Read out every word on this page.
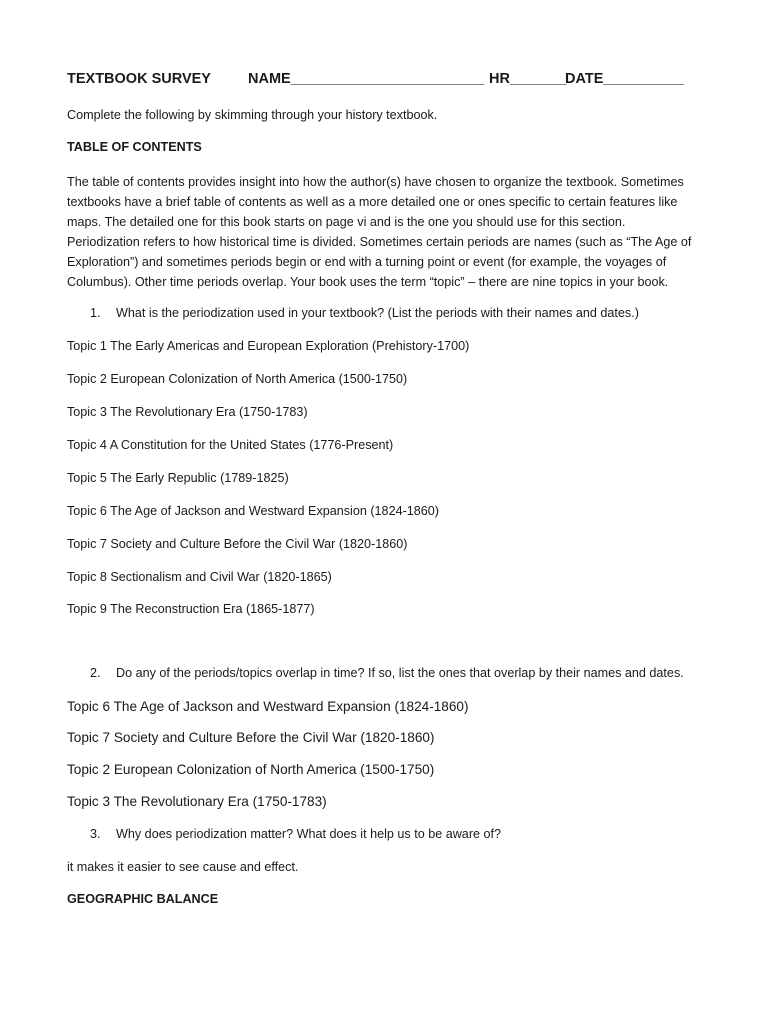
TEXTBOOK SURVEY	NAME________________________ HR_______
DATE__________
Complete the following by skimming through your history textbook.
TABLE OF CONTENTS
The table of contents provides insight into how the author(s) have chosen to organize the textbook. Sometimes
textbooks have a brief table of contents as well as a more detailed one or ones specific to certain features like
maps. The detailed one for this book starts on page vi and is the one you should use for this section.
Periodization refers to how historical time is divided. Sometimes certain periods are names (such as “The Age of
Exploration”) and sometimes periods begin or end with a turning point or event (for example, the voyages of
Columbus). Other time periods overlap. Your book uses the term “topic” – there are nine topics in your book.
1. What is the periodization used in your textbook? (List the periods with their names and dates.)
Topic 1 The Early Americas and European Exploration (Prehistory-1700)
Topic 2 European Colonization of North America (1500-1750)
Topic 3 The Revolutionary Era (1750-1783)
Topic 4 A Constitution for the United States (1776-Present)
Topic 5 The Early Republic (1789-1825)
Topic 6 The Age of Jackson and Westward Expansion (1824-1860)
Topic 7 Society and Culture Before the Civil War (1820-1860)
Topic 8 Sectionalism and Civil War (1820-1865)
Topic 9 The Reconstruction Era (1865-1877)
2. Do any of the periods/topics overlap in time? If so, list the ones that overlap by their names and dates.
Topic 6 The Age of Jackson and Westward Expansion (1824-1860)
Topic 7 Society and Culture Before the Civil War (1820-1860)
Topic 2 European Colonization of North America (1500-1750)
Topic 3 The Revolutionary Era (1750-1783)
3. Why does periodization matter? What does it help us to be aware of?
it makes it easier to see cause and effect.
GEOGRAPHIC BALANCE
